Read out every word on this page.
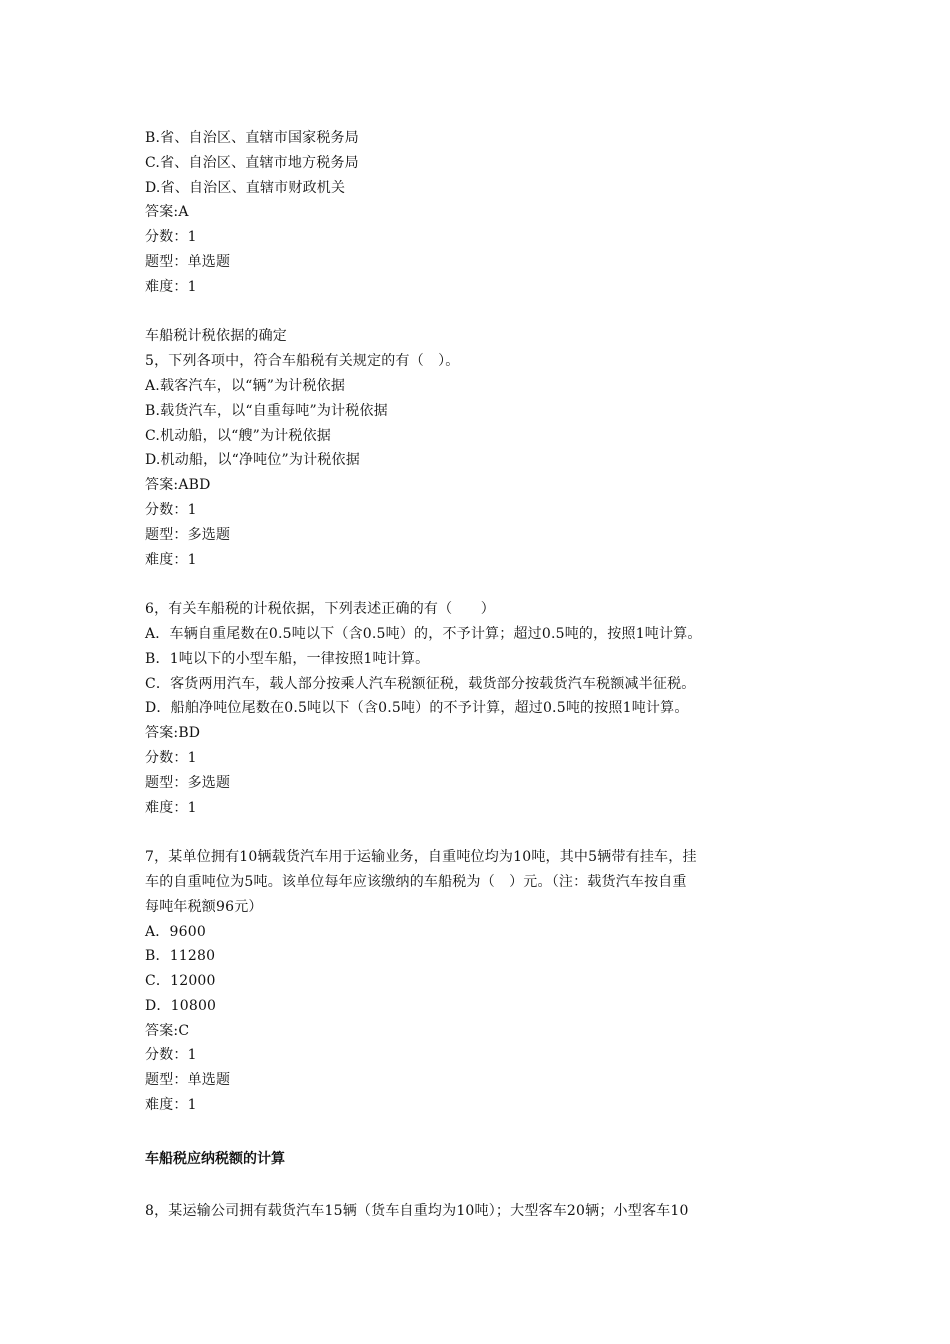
B.省、自治区、直辖市国家税务局
C.省、自治区、直辖市地方税务局
D.省、自治区、直辖市财政机关
答案:A
分数：1
题型：单选题
难度：1
车船税计税依据的确定
5，下列各项中，符合车船税有关规定的有（　）。
A.载客汽车，以“辆”为计税依据
B.载货汽车，以“自重每吨”为计税依据
C.机动船，以“艘”为计税依据
D.机动船，以“净吨位”为计税依据
答案:ABD
分数：1
题型：多选题
难度：1
6，有关车船税的计税依据，下列表述正确的有（　　）
A．车辆自重尾数在0.5吨以下（含0.5吨）的，不予计算；超过0.5吨的，按照1吨计算。
B．1吨以下的小型车船，一律按照1吨计算。
C．客货两用汽车，载人部分按乘人汽车税额征税，载货部分按载货汽车税额减半征税。
D．船舶净吨位尾数在0.5吨以下（含0.5吨）的不予计算，超过0.5吨的按照1吨计算。
答案:BD
分数：1
题型：多选题
难度：1
7，某单位拥有10辆载货汽车用于运输业务，自重吨位均为10吨，其中5辆带有挂车，挂
车的自重吨位为5吨。该单位每年应该缴纳的车船税为（　）元。（注：载货汽车按自重
每吨年税额96元）
A．9600
B．11280
C．12000
D．10800
答案:C
分数：1
题型：单选题
难度：1
车船税应纳税额的计算
8，某运输公司拥有载货汽车15辆（货车自重均为10吨）；大型客车20辆；小型客车10
